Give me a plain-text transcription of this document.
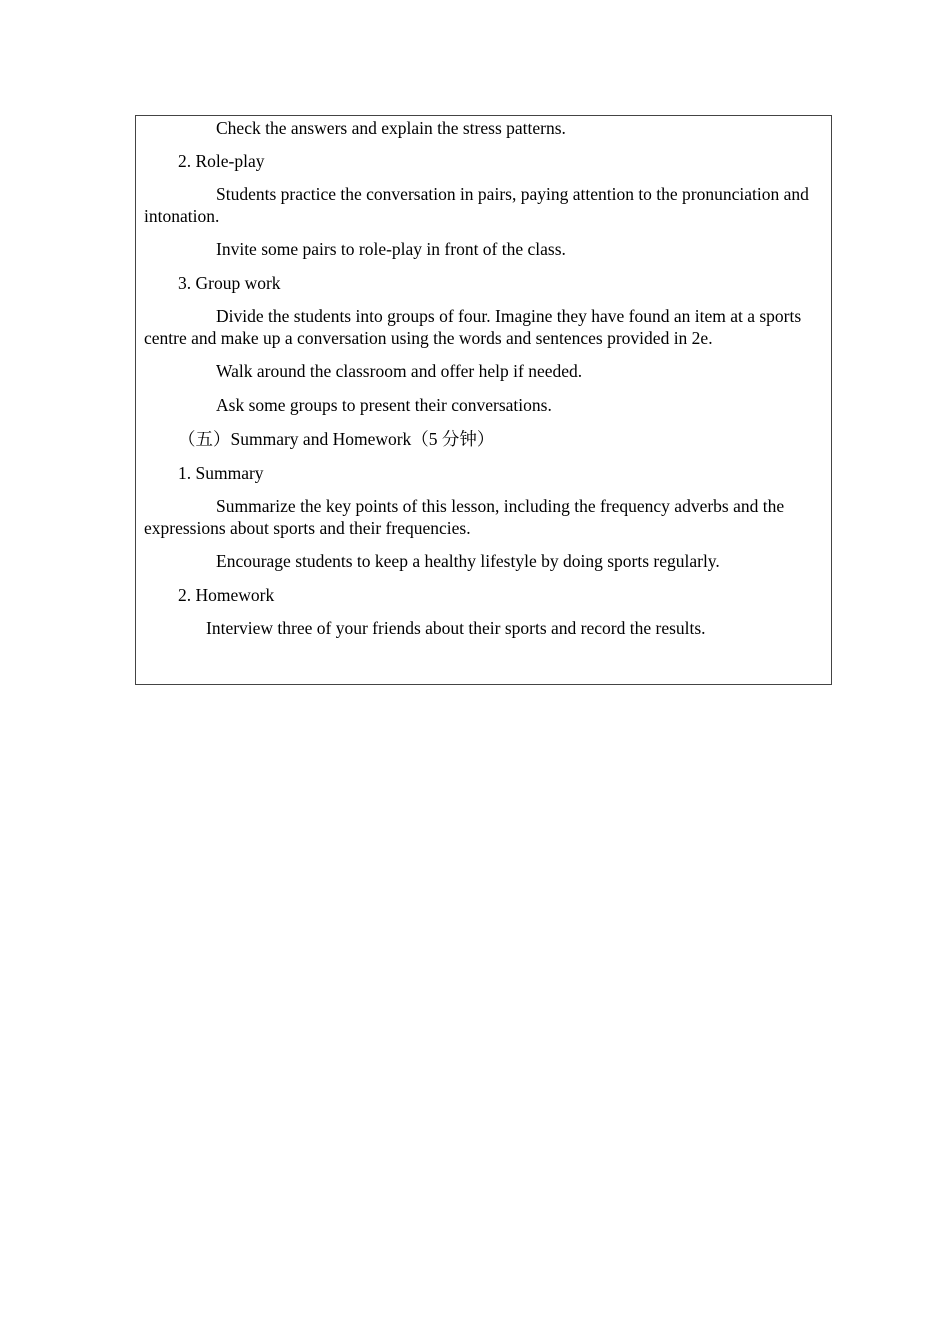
Check the answers and explain the stress patterns.
2. Role-play
Students practice the conversation in pairs, paying attention to the pronunciation and intonation.
Invite some pairs to role-play in front of the class.
3. Group work
Divide the students into groups of four. Imagine they have found an item at a sports centre and make up a conversation using the words and sentences provided in 2e.
Walk around the classroom and offer help if needed.
Ask some groups to present their conversations.
（五）Summary and Homework（5 分钟）
1. Summary
Summarize the key points of this lesson, including the frequency adverbs and the expressions about sports and their frequencies.
Encourage students to keep a healthy lifestyle by doing sports regularly.
2. Homework
Interview three of your friends about their sports and record the results.
